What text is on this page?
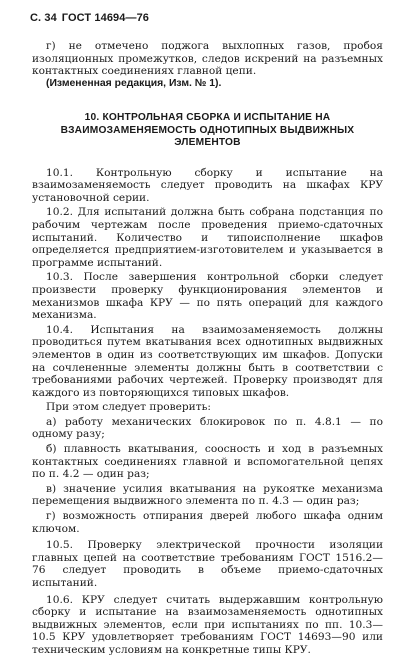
С. 34 ГОСТ 14694—76

г) не отмечено поджога выхлопных газов, пробоя изоляционных промежутков, следов искрений на разъемных контактных соединениях главной цепи.

(Измененная редакция, Изм. № 1).

10. КОНТРОЛЬНАЯ СБОРКА И ИСПЫТАНИЕ НА ВЗАИМОЗАМЕНЯЕМОСТЬ ОДНОТИПНЫХ ВЫДВИЖНЫХ ЭЛЕМЕНТОВ

10.1. Контрольную сборку и испытание на взаимозаменяемость следует проводить на шкафах КРУ установочной серии.

10.2. Для испытаний должна быть собрана подстанция по рабочим чертежам после проведения приемо-сдаточных испытаний. Количество и типоисполнение шкафов определяется предприятием-изготовителем и указывается в программе испытаний.

10.3. После завершения контрольной сборки следует произвести проверку функционирования элементов и механизмов шкафа КРУ — по пять операций для каждого механизма.

10.4. Испытания на взаимозаменяемость должны проводиться путем вкатывания всех однотипных выдвижных элементов в один из соответствующих им шкафов. Допуски на сочлененные элементы должны быть в соответствии с требованиями рабочих чертежей. Проверку производят для каждого из повторяющихся типовых шкафов.

При этом следует проверить:

а) работу механических блокировок по п. 4.8.1 — по одному разу;

б) плавность вкатывания, соосность и ход в разъемных контактных соединениях главной и вспомогательной цепях по п. 4.2 — один раз;

в) значение усилия вкатывания на рукоятке механизма перемещения выдвижного элемента по п. 4.3 — один раз;

г) возможность отпирания дверей любого шкафа одним ключом.

10.5. Проверку электрической прочности изоляции главных цепей на соответствие требованиям ГОСТ 1516.2—76 следует проводить в объеме приемо-сдаточных испытаний.

10.6. КРУ следует считать выдержавшим контрольную сборку и испытание на взаимозаменяемость однотипных выдвижных элементов, если при испытаниях по пп. 10.3—10.5 КРУ удовлетворяет требованиям ГОСТ 14693—90 или техническим условиям на конкретные типы КРУ.
